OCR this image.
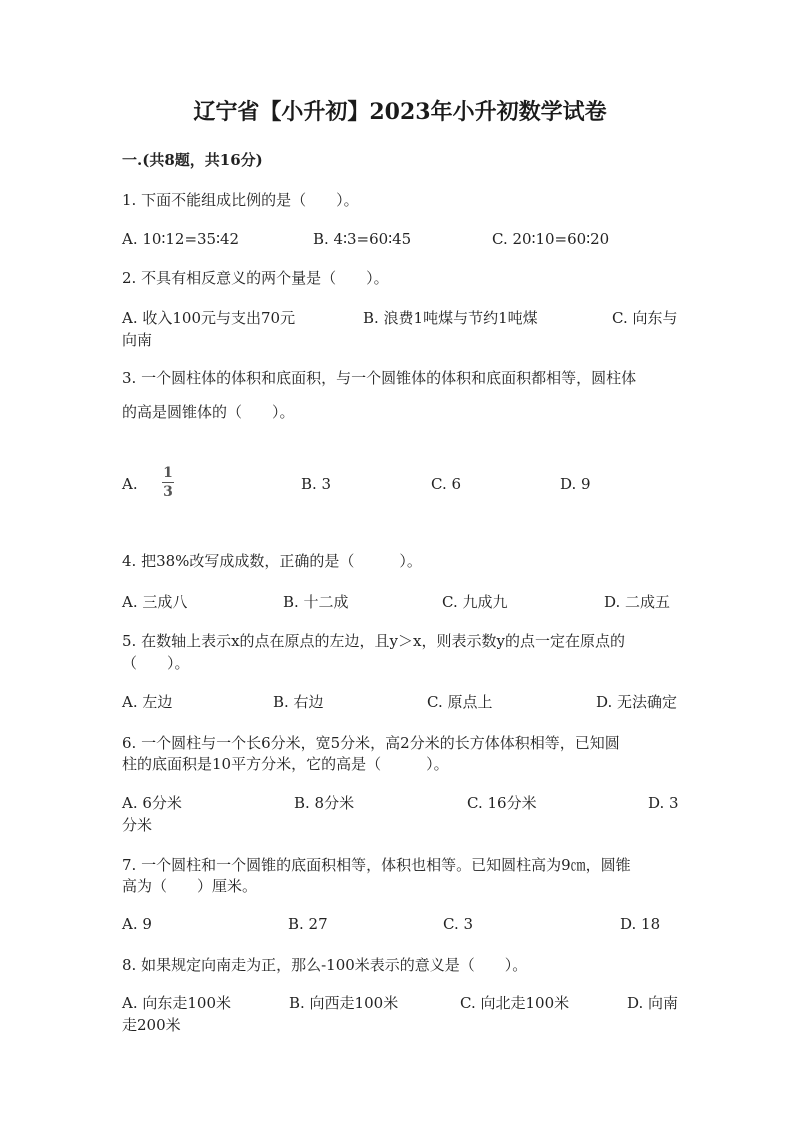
辽宁省【小升初】2023年小升初数学试卷
一.(共8题，共16分)
1. 下面不能组成比例的是（　　）。
A. 10∶12=35∶42	B. 4∶3=60∶45	C. 20∶10=60∶20
2. 不具有相反意义的两个量是（　　）。
A. 收入100元与支出70元	B. 浪费1吨煤与节约1吨煤	C. 向东与
向南
3. 一个圆柱体的体积和底面积，与一个圆锥体的体积和底面积都相等，圆柱体
的高是圆锥体的（　　）。
A.
1
3	B. 3	C. 6	D. 9
4. 把38%改写成成数，正确的是（　　　）。
A. 三成八	B. 十二成	C. 九成九	D. 二成五
5. 在数轴上表示x的点在原点的左边，且y＞x，则表示数y的点一定在原点的
（　　）。
A. 左边	B. 右边	C. 原点上	D. 无法确定
6. 一个圆柱与一个长6分米，宽5分米，高2分米的长方体体积相等，已知圆
柱的底面积是10平方分米，它的高是（　　　）。
A. 6分米	B. 8分米	C. 16分米	D. 3
分米
7. 一个圆柱和一个圆锥的底面积相等，体积也相等。已知圆柱高为9㎝，圆锥
高为（　　）厘米。
A. 9	B. 27	C. 3	D. 18
8. 如果规定向南走为正，那么-100米表示的意义是（　　）。
A. 向东走100米	B. 向西走100米	C. 向北走100米	D. 向南
走200米
